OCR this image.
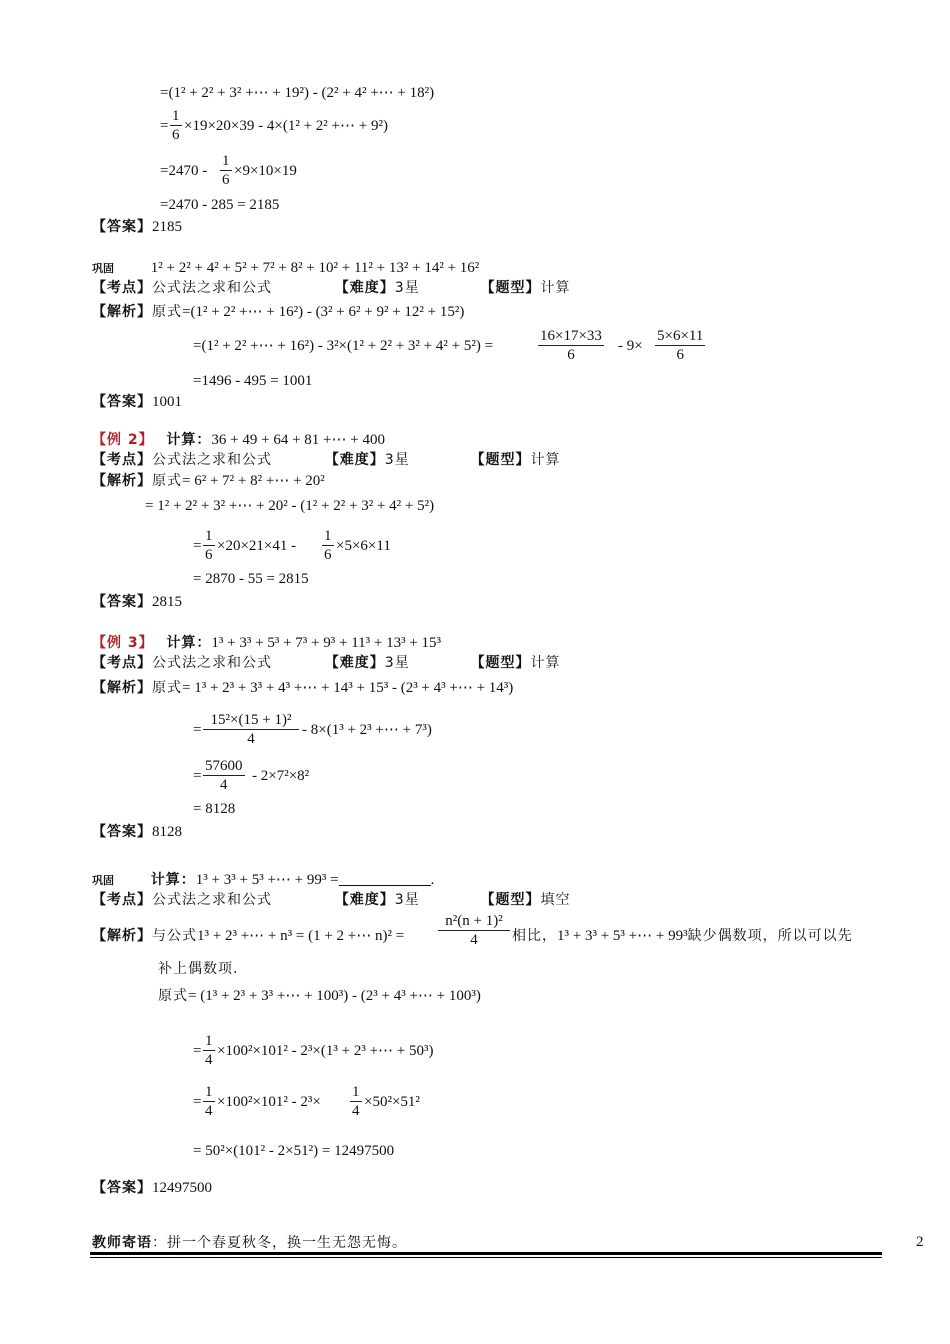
=(1² + 2² + 3² +⋯ + 19²) - (2² + 4² +⋯ + 18²)
= $\frac{1}{6} \times 19\times 20\times 39 - 4\times(1^2 + 2^2$ +⋯ + 9²)
$=2470 - \frac{1}{6} \times 9\times 10\times 19$
=2470 - 285 = 2185
【答案】2185
巩固 1² + 2² + 4² + 5² + 7² + 8² + 10² + 11² + 13² + 14² + 16²
【考点】公式法之求和公式	【难度】3星	【题型】计算
【解析】原式=(1² + 2² +⋯ + 16²) - (3² + 6² + 9² + 12² + 15²)
=(1² + 2² +⋯ + 16²) - 3²×(1² + 2² + 3² + 4² + 5²) =	$\frac{16\times 17\times 33}{6} - 9\times \frac{5\times 6\times 11}{6}$
=1496 - 495 = 1001
【答案】1001
【例 2】 计算：36 + 49 + 64 + 81 +⋯ + 400
【考点】公式法之求和公式	【难度】3星	【题型】计算
【解析】原式= 6² + 7² + 8² +⋯ + 20²
= 1² + 2² + 3² +⋯ + 20² - (1² + 2² + 3² + 4² + 5²)
= $\frac{1}{6} \times 20\times 21\times 41 - \frac{1}{6} \times 5\times 6\times 11$
= 2870 - 55 = 2815
【答案】2815
【例 3】 计算：1³ + 3³ + 5³ + 7³ + 9³ + 11³ + 13³ + 15³
【考点】公式法之求和公式	【难度】3星	【题型】计算
【解析】原式= 1³ + 2³ + 3³ + 4³ +⋯ + 14³ + 15³ - (2³ + 4³ +⋯ + 14³)
= $\frac{\text{15²×(15 + 1)²}}{4} - 8\times(1^3 + 2^3$ +⋯ + 7³)
= $\frac{57600}{4} - 2\times 7^2\times 8^2$
= 8128
【答案】8128
巩固	计算：1³ + 3³ + 5³ +⋯ + 99³ =	.
【考点】公式法之求和公式	【难度】3星	【题型】填空
【解析】与公式1³ + 2³ +⋯ + n³ = (1 + 2 +⋯ $n)^2 = \frac{\text{n²(n + 1)²}}{4}$ 相比，1³ + 3³ + 5³ +⋯ + 99³缺少偶数项，所以可以先
补上偶数项.
原式= (1³ + 2³ + 3³ +⋯ + 100³) - (2³ + 4³ +⋯ + 100³)
= $\frac{1}{4} \times 100^2\times 101^2 - 2^3\times(1^3 + 2^3$ +⋯ + 50³)
= $\frac{1}{4} \times 100^2\times 101^2 - 2^3\times \frac{1}{4} \times 50^2\times 51^2$
= 50²×(101² - 2×51²) = 12497500
【答案】12497500
教师寄语：拼一个春夏秋冬，换一生无怨无悔。	2
